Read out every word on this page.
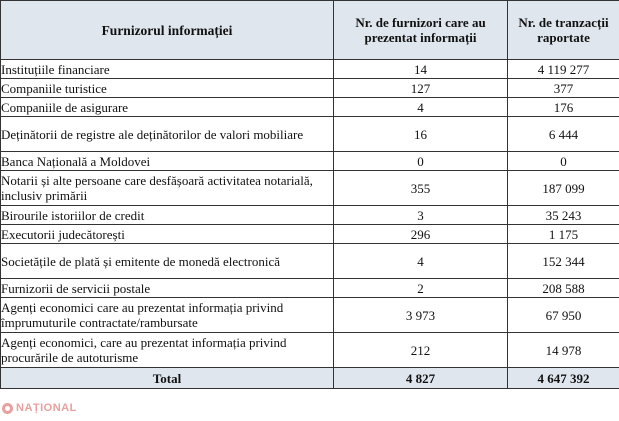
Furnizorul informației	Nr. de furnizori care au prezentat informații	Nr. de tranzacții raportate
Instituțiile financiare	14	4 119 277
Companiile turistice	127	377
Companiile de asigurare	4	176
Deținătorii de registre ale deținătorilor de valori mobiliare	16	6 444
Banca Națională a Moldovei	0	0
Notarii și alte persoane care desfășoară activitatea notarială, inclusiv primării	355	187 099
Birourile istoriilor de credit	3	35 243
Executorii judecătorești	296	1 175
Societățile de plată și emitente de monedă electronică	4	152 344
Furnizorii de servicii postale	2	208 588
Agenți economici care au prezentat informația privind împrumuturile contractate/rambursate	3 973	67 950
Agenți economici, care au prezentat informația privind procurările de autoturisme	212	14 978
Total	4 827	4 647 392
NAȚIONAL
